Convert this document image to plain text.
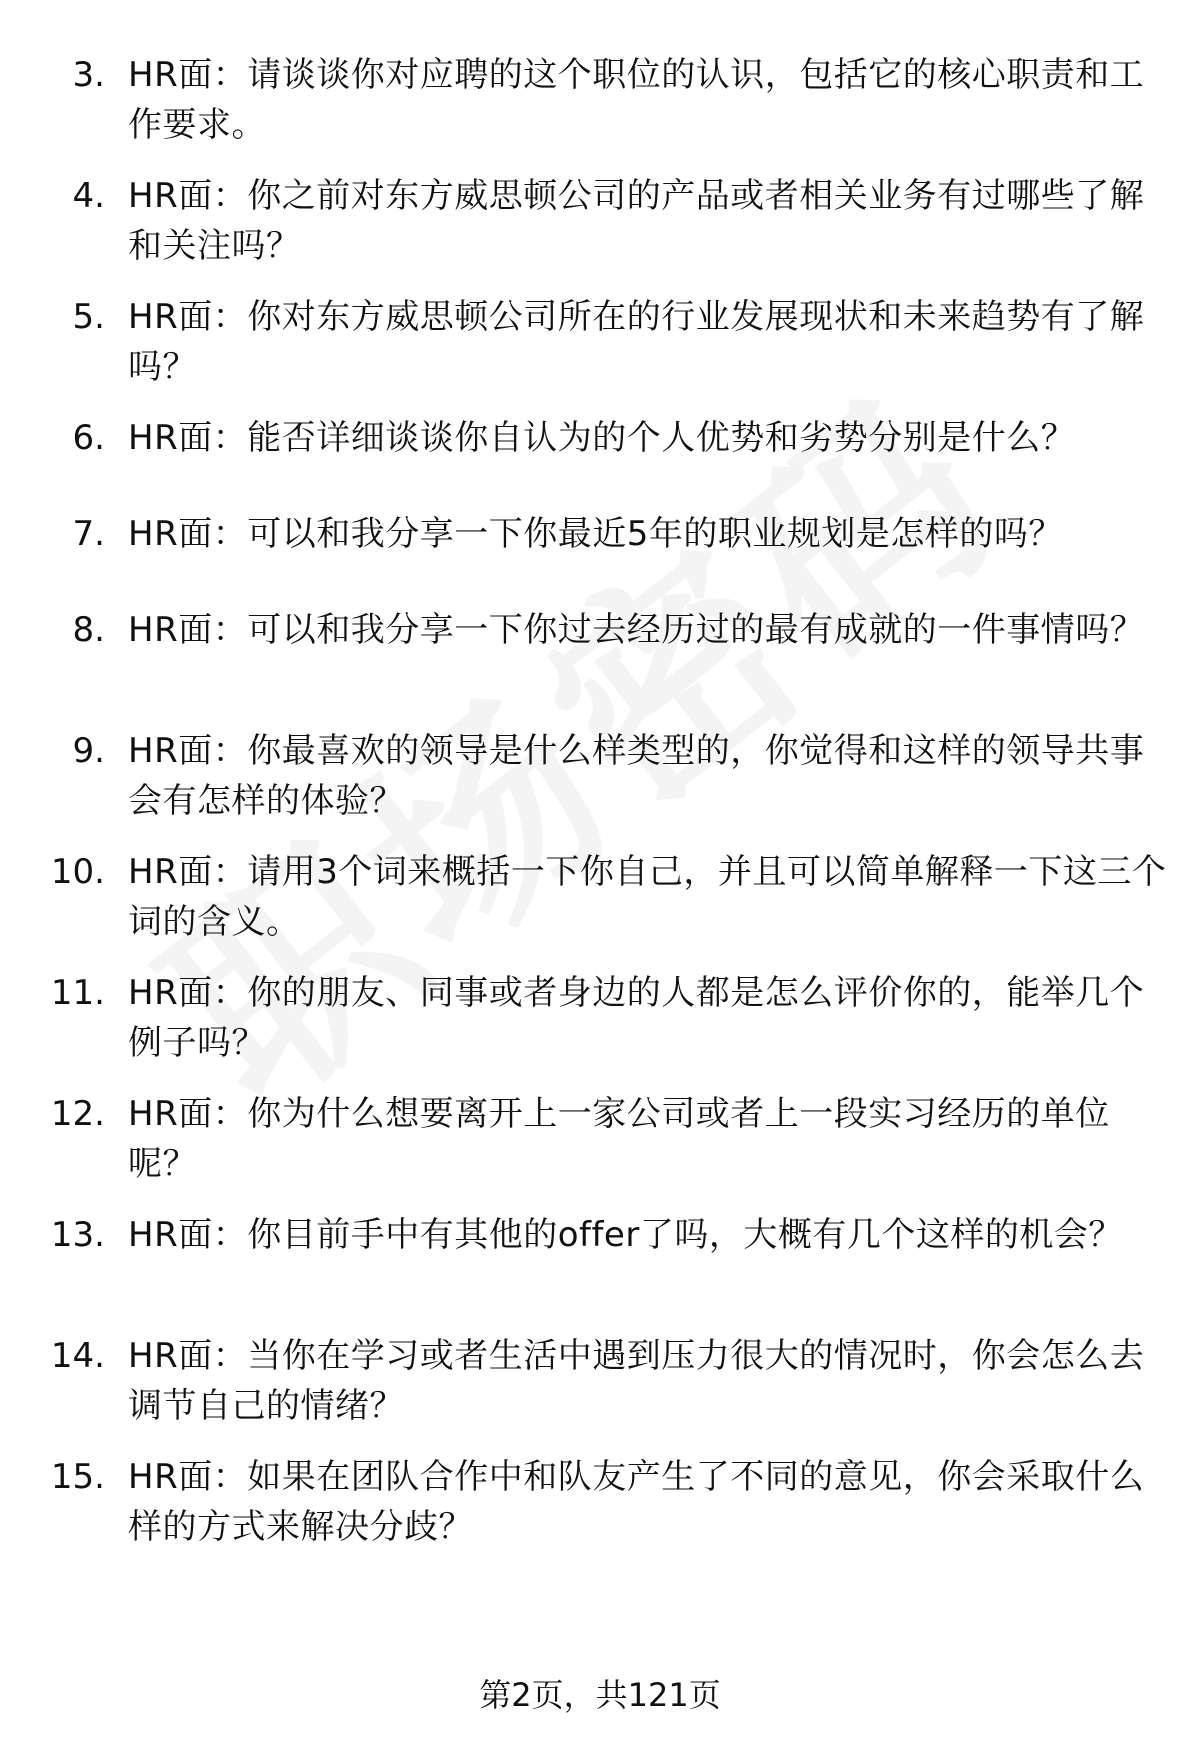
3. HR面：请谈谈你对应聘的这个职位的认识，包括它的核心职责和工作要求。
4. HR面：你之前对东方威思顿公司的产品或者相关业务有过哪些了解和关注吗？
5. HR面：你对东方威思顿公司所在的行业发展现状和未来趋势有了解吗？
6. HR面：能否详细谈谈你自认为的个人优势和劣势分别是什么？
7. HR面：可以和我分享一下你最近5年的职业规划是怎样的吗？
8. HR面：可以和我分享一下你过去经历过的最有成就的一件事情吗？
9. HR面：你最喜欢的领导是什么样类型的，你觉得和这样的领导共事会有怎样的体验？
10. HR面：请用3个词来概括一下你自己，并且可以简单解释一下这三个词的含义。
11. HR面：你的朋友、同事或者身边的人都是怎么评价你的，能举几个例子吗？
12. HR面：你为什么想要离开上一家公司或者上一段实习经历的单位呢？
13. HR面：你目前手中有其他的offer了吗，大概有几个这样的机会？
14. HR面：当你在学习或者生活中遇到压力很大的情况时，你会怎么去调节自己的情绪？
15. HR面：如果在团队合作中和队友产生了不同的意见，你会采取什么样的方式来解决分歧？
第2页，共121页
